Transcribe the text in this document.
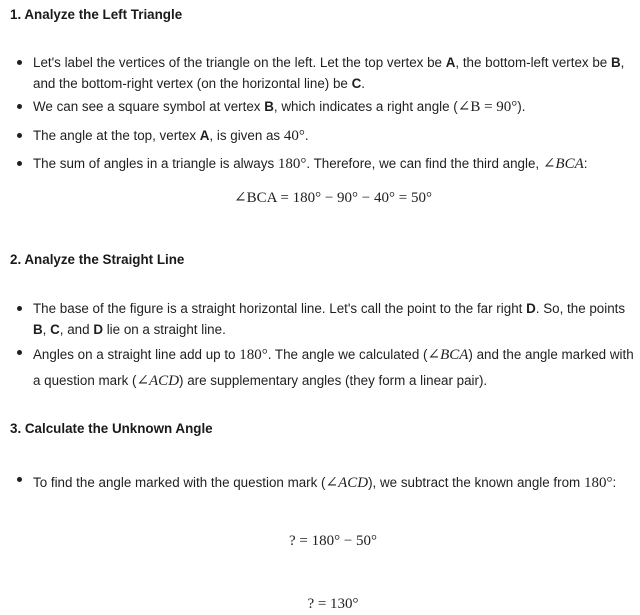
1. Analyze the Left Triangle
Let's label the vertices of the triangle on the left. Let the top vertex be A, the bottom-left vertex be B, and the bottom-right vertex (on the horizontal line) be C.
We can see a square symbol at vertex B, which indicates a right angle (∠B = 90°).
The angle at the top, vertex A, is given as 40°.
The sum of angles in a triangle is always 180°. Therefore, we can find the third angle, ∠BCA:
∠BCA = 180° − 90° − 40° = 50°
2. Analyze the Straight Line
The base of the figure is a straight horizontal line. Let's call the point to the far right D. So, the points B, C, and D lie on a straight line.
Angles on a straight line add up to 180°. The angle we calculated (∠BCA) and the angle marked with a question mark (∠ACD) are supplementary angles (they form a linear pair).
3. Calculate the Unknown Angle
To find the angle marked with the question mark (∠ACD), we subtract the known angle from 180°:
? = 180° − 50°
? = 130°
